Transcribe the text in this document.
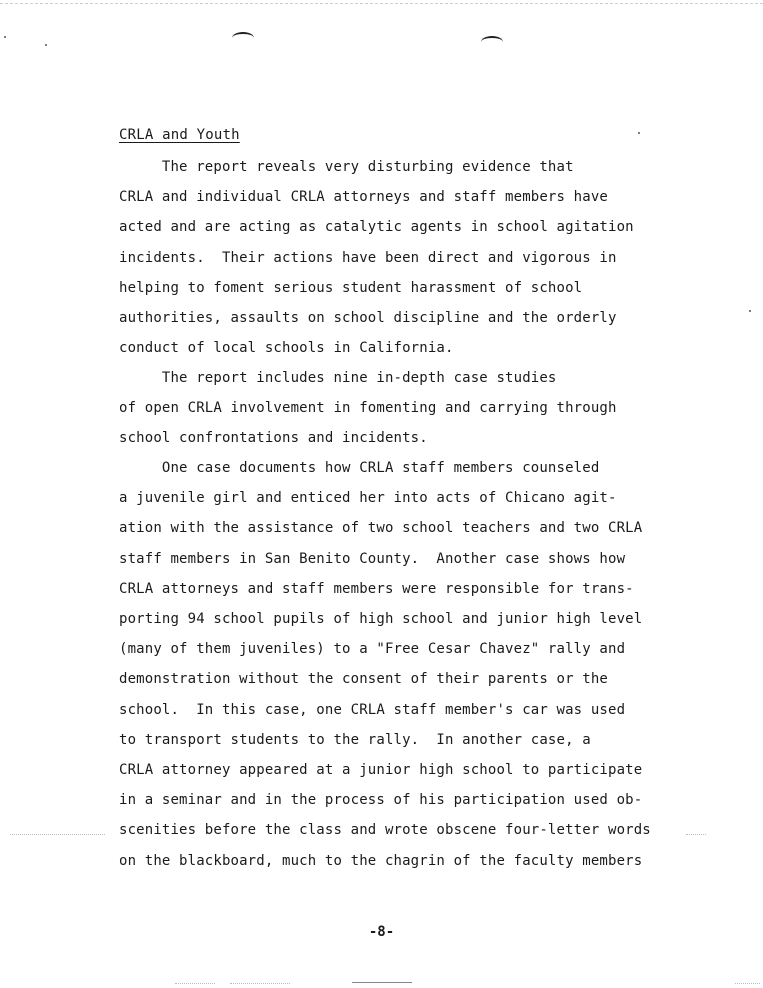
CRLA and Youth
The report reveals very disturbing evidence that
CRLA and individual CRLA attorneys and staff members have
acted and are acting as catalytic agents in school agitation
incidents.  Their actions have been direct and vigorous in
helping to foment serious student harassment of school
authorities, assaults on school discipline and the orderly
conduct of local schools in California.
The report includes nine in-depth case studies
of open CRLA involvement in fomenting and carrying through
school confrontations and incidents.
One case documents how CRLA staff members counseled
a juvenile girl and enticed her into acts of Chicano agit-
ation with the assistance of two school teachers and two CRLA
staff members in San Benito County.  Another case shows how
CRLA attorneys and staff members were responsible for trans-
porting 94 school pupils of high school and junior high level
(many of them juveniles) to a "Free Cesar Chavez" rally and
demonstration without the consent of their parents or the
school.  In this case, one CRLA staff member's car was used
to transport students to the rally.  In another case, a
CRLA attorney appeared at a junior high school to participate
in a seminar and in the process of his participation used ob-
scenities before the class and wrote obscene four-letter words
on the blackboard, much to the chagrin of the faculty members
-8-
